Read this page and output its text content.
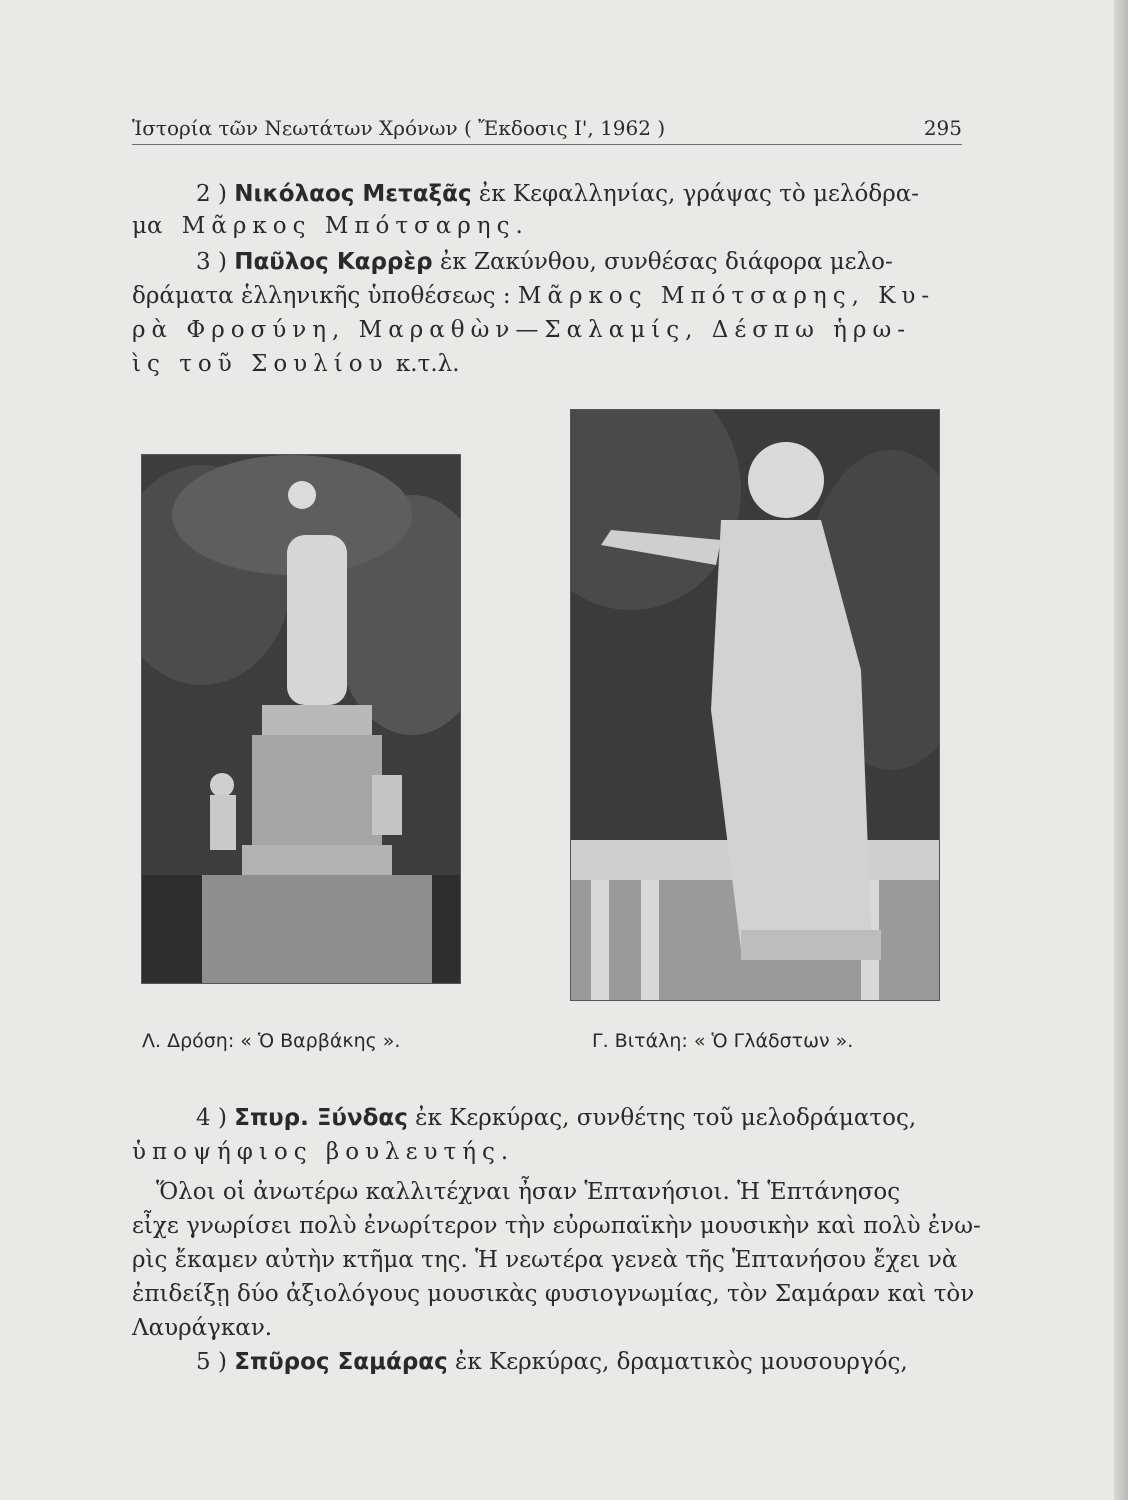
Ἱστορία τῶν Νεωτάτων Χρόνων ( Ἔκδοσις Ι', 1962 )	295
2 ) Νικόλαος Μεταξᾶς ἐκ Κεφαλληνίας, γράψας τὸ μελόδρα-
μα Μᾶρκος Μπότσαρης.
3 ) Παῦλος Καρρὲρ ἐκ Ζακύνθου, συνθέσας διάφορα μελο-
δράματα ἑλληνικῆς ὑποθέσεως : Μᾶρκος Μπότσαρης, Κυ-
ρὰ Φροσύνη, Μαραθὼν—Σαλαμίς, Δέσπω ἡρω-
ὶς τοῦ Σουλίου κ.τ.λ.
Λ. Δρόση: « Ὁ Βαρβάκης ».	Γ. Βιτάλη: « Ὁ Γλάδστων ».
4 ) Σπυρ. Ξύνδας ἐκ Κερκύρας, συνθέτης τοῦ μελοδράματος,
ὑποψήφιος βουλευτής.
Ὅλοι οἱ ἀνωτέρω καλλιτέχναι ἦσαν Ἑπτανήσιοι. Ἡ Ἑπτάνησος
εἶχε γνωρίσει πολὺ ἐνωρίτερον τὴν εὐρωπαϊκὴν μουσικὴν καὶ πολὺ ἐνω-
ρὶς ἔκαμεν αὐτὴν κτῆμα της. Ἡ νεωτέρα γενεὰ τῆς Ἑπτανήσου ἔχει νὰ
ἐπιδείξῃ δύο ἀξιολόγους μουσικὰς φυσιογνωμίας, τὸν Σαμάραν καὶ τὸν
Λαυράγκαν.
5 ) Σπῦρος Σαμάρας ἐκ Κερκύρας, δραματικὸς μουσουργός,
